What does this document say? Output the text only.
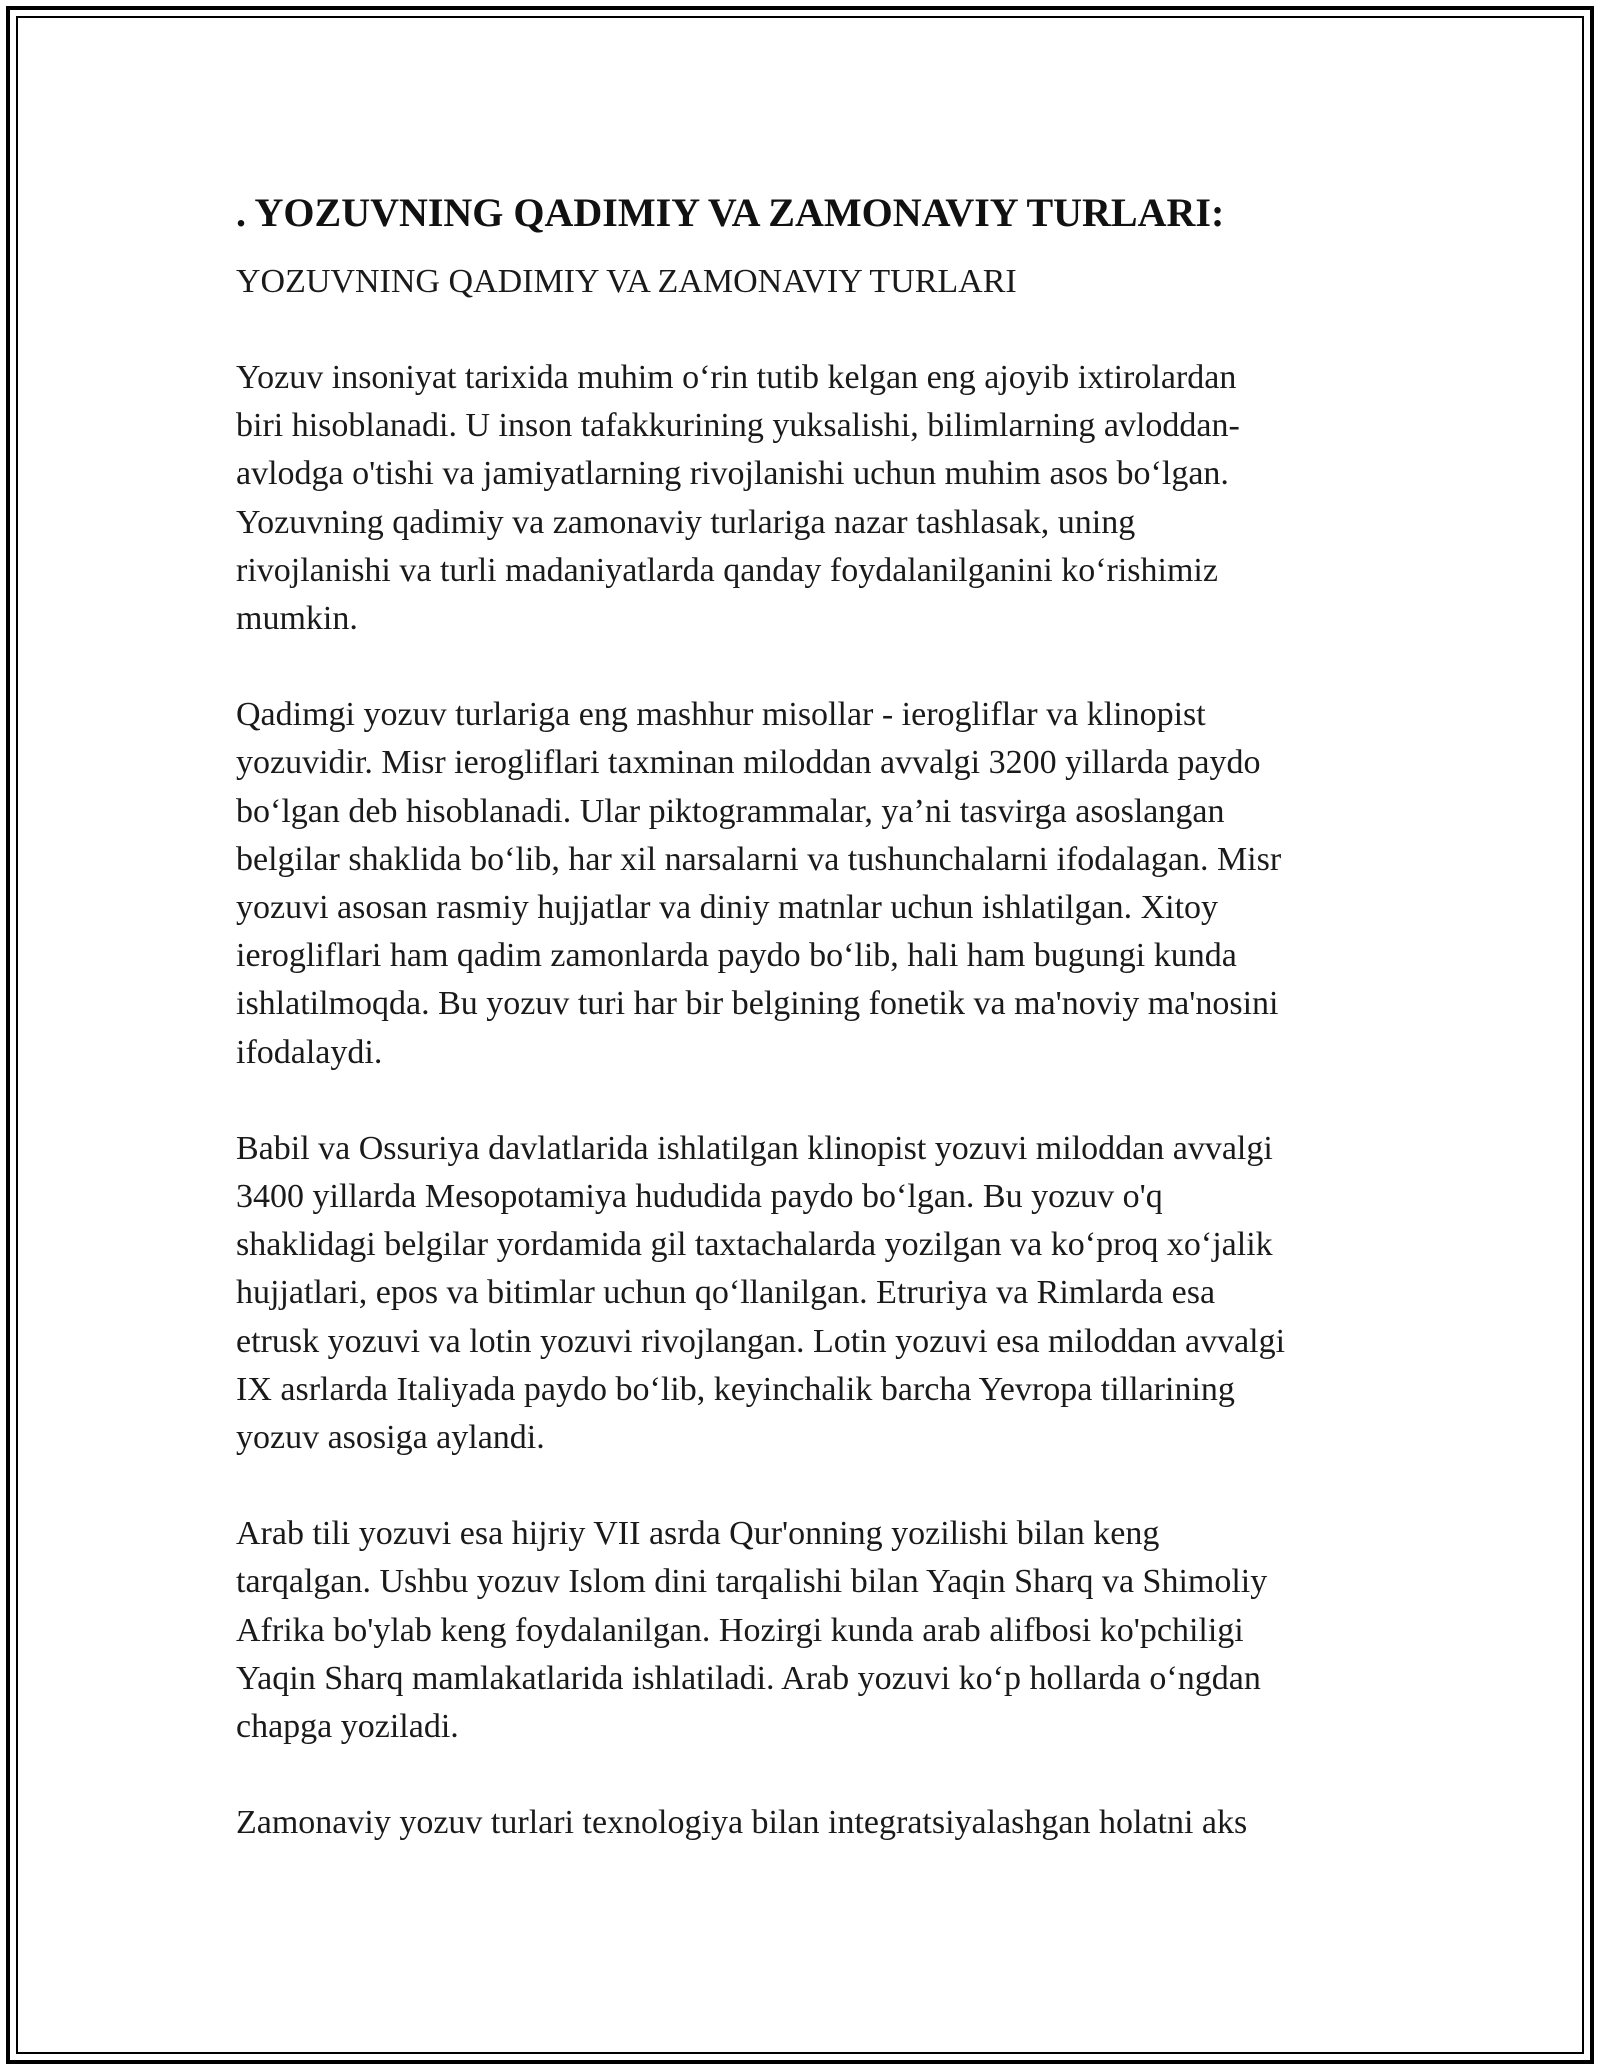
. YOZUVNING QADIMIY VA ZAMONAVIY TURLARI:
YOZUVNING QADIMIY VA ZAMONAVIY TURLARI

Yozuv insoniyat tarixida muhim o‘rin tutib kelgan eng ajoyib ixtirolardan
biri hisoblanadi. U inson tafakkurining yuksalishi, bilimlarning avloddan-
avlodga o'tishi va jamiyatlarning rivojlanishi uchun muhim asos bo‘lgan.
Yozuvning qadimiy va zamonaviy turlariga nazar tashlasak, uning
rivojlanishi va turli madaniyatlarda qanday foydalanilganini ko‘rishimiz
mumkin.

Qadimgi yozuv turlariga eng mashhur misollar - ierogliflar va klinopist
yozuvidir. Misr ierogliflari taxminan miloddan avvalgi 3200 yillarda paydo
bo‘lgan deb hisoblanadi. Ular piktogrammalar, ya’ni tasvirga asoslangan
belgilar shaklida bo‘lib, har xil narsalarni va tushunchalarni ifodalagan. Misr
yozuvi asosan rasmiy hujjatlar va diniy matnlar uchun ishlatilgan. Xitoy
ierogliflari ham qadim zamonlarda paydo bo‘lib, hali ham bugungi kunda
ishlatilmoqda. Bu yozuv turi har bir belgining fonetik va ma'noviy ma'nosini
ifodalaydi.

Babil va Ossuriya davlatlarida ishlatilgan klinopist yozuvi miloddan avvalgi
3400 yillarda Mesopotamiya hududida paydo bo‘lgan. Bu yozuv o'q
shaklidagi belgilar yordamida gil taxtachalarda yozilgan va ko‘proq xo‘jalik
hujjatlari, epos va bitimlar uchun qo‘llanilgan. Etruriya va Rimlarda esa
etrusk yozuvi va lotin yozuvi rivojlangan. Lotin yozuvi esa miloddan avvalgi
IX asrlarda Italiyada paydo bo‘lib, keyinchalik barcha Yevropa tillarining
yozuv asosiga aylandi.

Arab tili yozuvi esa hijriy VII asrda Qur'onning yozilishi bilan keng
tarqalgan. Ushbu yozuv Islom dini tarqalishi bilan Yaqin Sharq va Shimoliy
Afrika bo'ylab keng foydalanilgan. Hozirgi kunda arab alifbosi ko'pchiligi
Yaqin Sharq mamlakatlarida ishlatiladi. Arab yozuvi ko‘p hollarda o‘ngdan
chapga yoziladi.

Zamonaviy yozuv turlari texnologiya bilan integratsiyalashgan holatni aks
